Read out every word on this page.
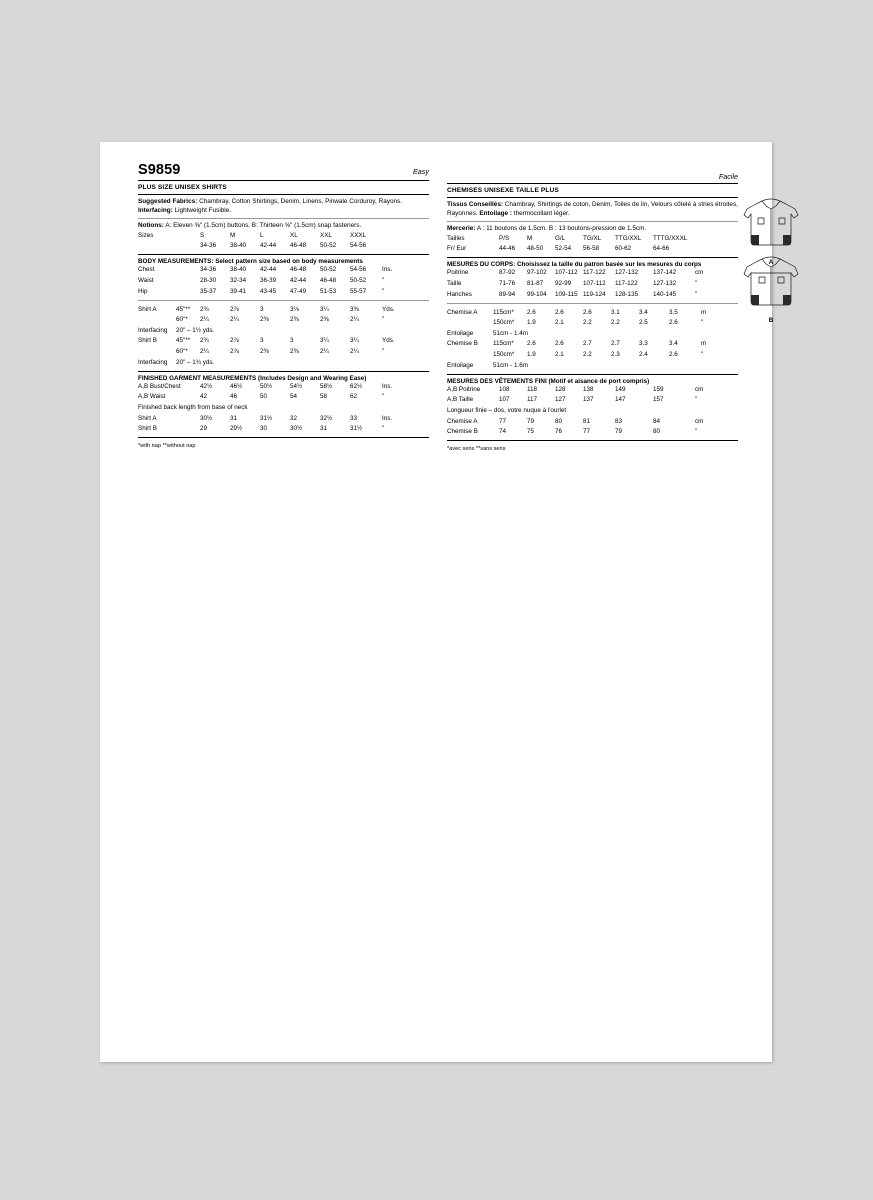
S9859	Easy
PLUS SIZE UNISEX SHIRTS
Suggested Fabrics: Chambray, Cotton Shirtings, Denim, Linens, Pinwale Corduroy, Rayons. Interfacing: Lightweight Fusible.
Notions: A: Eleven ⅝" (1.5cm) buttons. B: Thirteen ⅝" (1.5cm) snap fasteners.
Sizes	S	M	L	XL	XXL	XXXL	
	34-36	38-40	42-44	46-48	50-52	54-56	
BODY MEASUREMENTS: Select pattern size based on body measurements
Chest	34-36	38-40	42-44	46-48	50-52	54-56	Ins.
Waist	28-30	32-34	36-39	42-44	46-48	50-52	"
Hip	35-37	39-41	43-45	47-49	51-53	55-57	"
Shirt A	45"**	2¾	2⅞	3	3⅛	3¼	3⅜	Yds.
	60"*	2¼	2¼	2⅜	2⅜	2⅜	2¼	"
Interfacing	20" – 1½ yds.							
Shirt B	45"**	2¾	2⅞	3	3	3¼	3¼	Yds.
	60"*	2¼	2⅞	2⅜	2⅜	2¼	2¼	"
Interfacing	20" – 1¾ yds.							
FINISHED GARMENT MEASUREMENTS (Includes Design and Wearing Ease)
A,B Bust/Chest	42½	46½	50½	54½	58½	62½	Ins.
A,B Waist	42	46	50	54	58	62	"
Finished back length from base of neck							
Shirt A	30½	31	31½	32	32½	33	Ins.
Shirt B	29	29½	30	30½	31	31½	"
*with nap **without nap
Facile
CHEMISES UNISEXE TAILLE PLUS
Tissus Conseillés: Chambray, Shirtings de coton, Denim, Toiles de lin, Velours côtelé à stries étroites, Rayonnes. Entoilage : thermocollant léger.
Mercerie: A : 11 boutons de 1.5cm. B : 13 boutons-pression de 1.5cm.
Tailles	P/S	M	G/L	TG/XL	TTG/XXL	TTTG/XXXL	
Fr/ Eur	44-46	48-50	52-54	56-58	60-62	64-66	
MESURES DU CORPS: Choisissez la taille du patron basée sur les mesures du corps
Poitrine	87-92	97-102	107-112	117-122	127-132	137-142	cm
Taille	71-76	81-87	92-99	107-112	117-122	127-132	"
Hanches	89-94	99-104	109-115	119-124	128-135	140-145	"
Chemise A	115cm*	2.6	2.6	2.6	3.1	3.4	3.5	m
	150cm*	1.9	2.1	2.2	2.2	2.5	2.6	"
Entoilage	51cm - 1.4m							
Chemise B	115cm*	2.6	2.6	2.7	2.7	3.3	3.4	m
	150cm*	1.9	2.1	2.2	2.3	2.4	2.6	"
Entoilage	51cm - 1.6m							
MESURES DES VÊTEMENTS FINI (Motif et aisance de port compris)
A,B Poitrine	108	118	128	138	149	159	cm
A,B Taille	107	117	127	137	147	157	"
Longueur finie – dos, votre nuque à l'ourlet							
Chemise A	77	79	80	81	83	84	cm
Chemise B	74	75	76	77	79	80	"
*avec sens **sans sens
A
B
